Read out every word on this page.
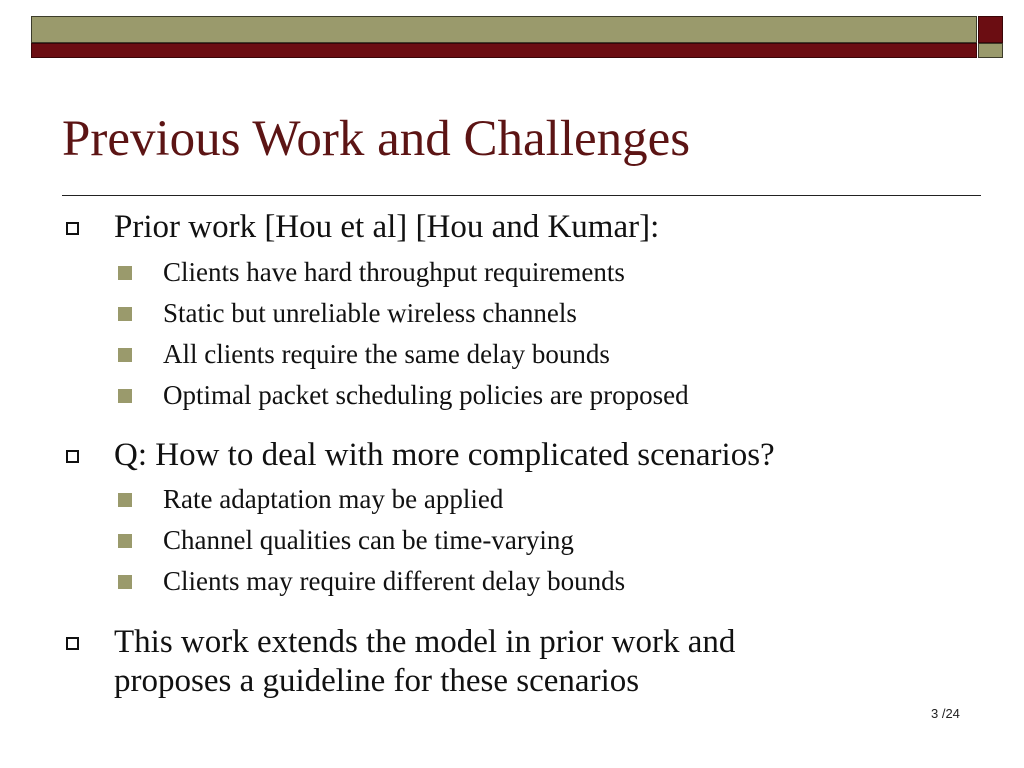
Previous Work and Challenges

Prior work [Hou et al] [Hou and Kumar]:

Clients have hard throughput requirements

Static but unreliable wireless channels

All clients require the same delay bounds

Optimal packet scheduling policies are proposed

Q: How to deal with more complicated scenarios?

Rate adaptation may be applied

Channel qualities can be time-varying

Clients may require different delay bounds

This work extends the model in prior work and

proposes a guideline for these scenarios

3 /24
